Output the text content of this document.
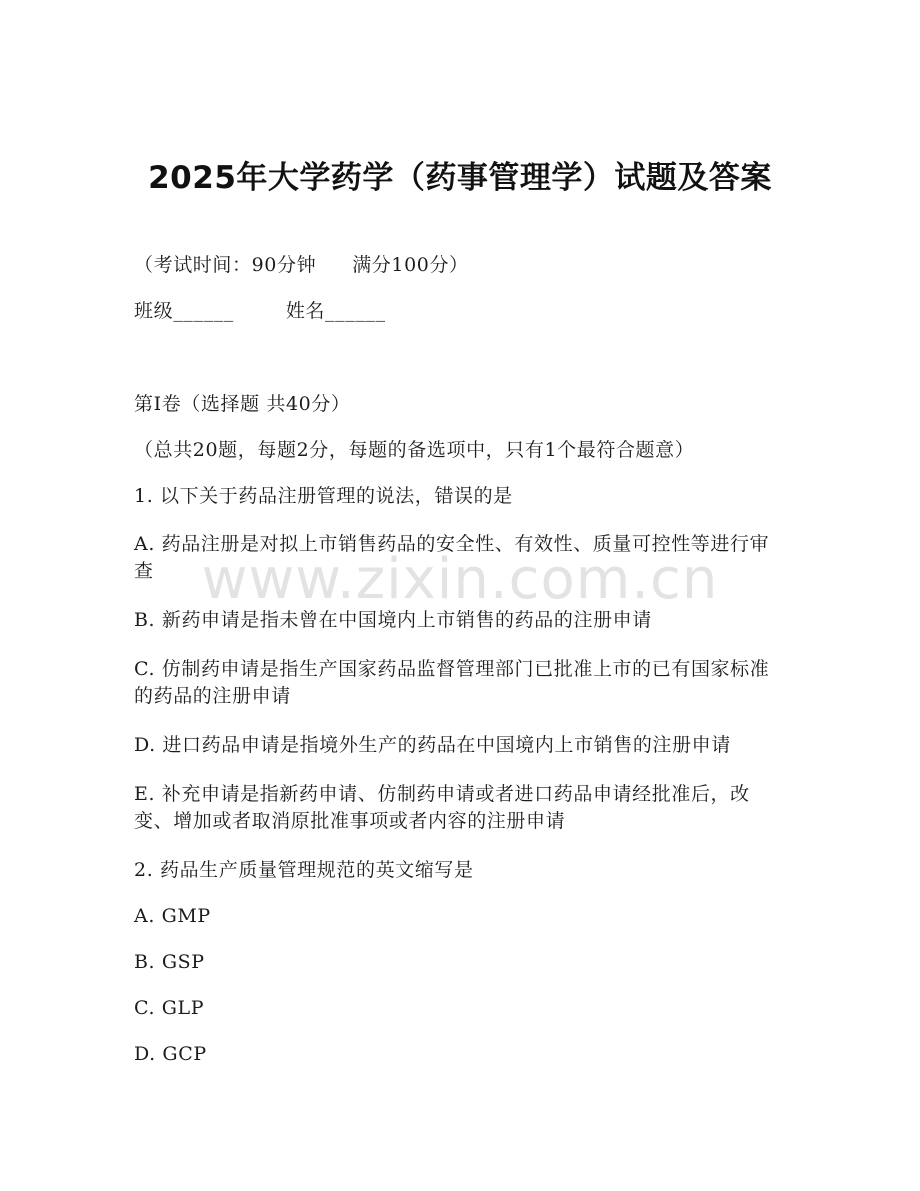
2025年大学药学（药事管理学）试题及答案
（考试时间：90分钟 满分100分）
班级______	姓名______
第Ⅰ卷（选择题 共40分）
（总共20题，每题2分，每题的备选项中，只有1个最符合题意）
1. 以下关于药品注册管理的说法，错误的是
A. 药品注册是对拟上市销售药品的安全性、有效性、质量可控性等进行审查
B. 新药申请是指未曾在中国境内上市销售的药品的注册申请
C. 仿制药申请是指生产国家药品监督管理部门已批准上市的已有国家标准的药品的注册申请
D. 进口药品申请是指境外生产的药品在中国境内上市销售的注册申请
E. 补充申请是指新药申请、仿制药申请或者进口药品申请经批准后，改变、增加或者取消原批准事项或者内容的注册申请
2. 药品生产质量管理规范的英文缩写是
A. GMP
B. GSP
C. GLP
D. GCP
www.zixin.com.cn
